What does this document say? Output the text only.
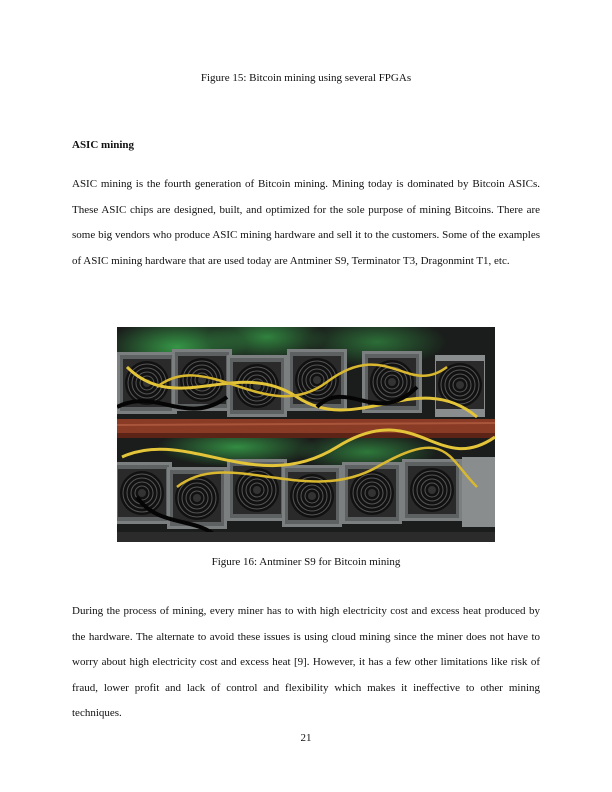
Figure 15: Bitcoin mining using several FPGAs
ASIC mining

ASIC mining is the fourth generation of Bitcoin mining. Mining today is dominated by Bitcoin ASICs. These ASIC chips are designed, built, and optimized for the sole purpose of mining Bitcoins. There are some big vendors who produce ASIC mining hardware and sell it to the customers. Some of the examples of ASIC mining hardware that are used today are Antminer S9, Terminator T3, Dragonmint T1, etc.

Figure 16: Antminer S9 for Bitcoin mining

During the process of mining, every miner has to with high electricity cost and excess heat produced by the hardware. The alternate to avoid these issues is using cloud mining since the miner does not have to worry about high electricity cost and excess heat [9]. However, it has a few other limitations like risk of fraud, lower profit and lack of control and flexibility which makes it ineffective to other mining techniques.

21
